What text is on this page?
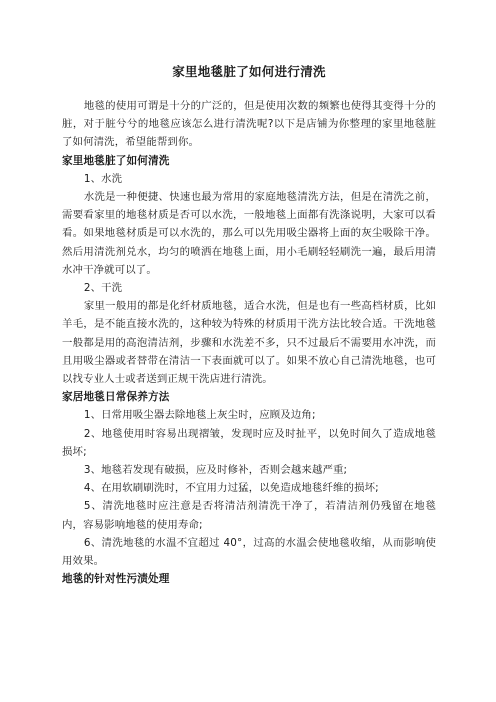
家里地毯脏了如何进行清洗

地毯的使用可谓是十分的广泛的，但是使用次数的频繁也使得其变得十分的脏，对于脏兮兮的地毯应该怎么进行清洗呢?以下是店铺为你整理的家里地毯脏了如何清洗，希望能帮到你。

家里地毯脏了如何清洗

1、水洗

水洗是一种便捷、快速也最为常用的家庭地毯清洗方法，但是在清洗之前，需要看家里的地毯材质是否可以水洗，一般地毯上面都有洗涤说明，大家可以看看。如果地毯材质是可以水洗的，那么可以先用吸尘器将上面的灰尘吸除干净。然后用清洗剂兑水，均匀的喷洒在地毯上面，用小毛刷轻轻刷洗一遍，最后用清水冲干净就可以了。

2、干洗

家里一般用的都是化纤材质地毯，适合水洗，但是也有一些高档材质，比如羊毛，是不能直接水洗的，这种较为特殊的材质用干洗方法比较合适。干洗地毯一般都是用的高泡清洁剂，步骤和水洗差不多，只不过最后不需要用水冲洗，而且用吸尘器或者替带在清洁一下表面就可以了。如果不放心自己清洗地毯，也可以找专业人士或者送到正规干洗店进行清洗。

家居地毯日常保养方法

1、日常用吸尘器去除地毯上灰尘时，应顾及边角;

2、地毯使用时容易出现褶皱，发现时应及时扯平，以免时间久了造成地毯损坏;

3、地毯若发现有破损，应及时修补，否则会越来越严重;

4、在用软刷刷洗时，不宜用力过猛，以免造成地毯纤维的损坏;

5、清洗地毯时应注意是否将清洁剂清洗干净了，若清洁剂仍残留在地毯内，容易影响地毯的使用寿命;

6、清洗地毯的水温不宜超过 40°，过高的水温会使地毯收缩，从而影响使用效果。

地毯的针对性污渍处理
